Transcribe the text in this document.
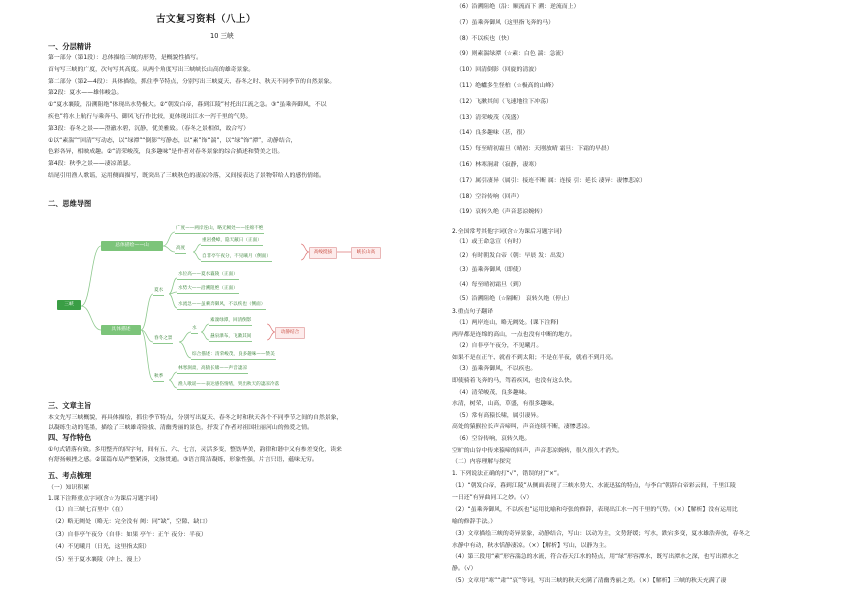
古文复习资料（八上）
10 三峡
一、分层精讲
第一部分（第1段）：总体描绘三峡的形势，是概貌性描写。
首句写三峡的广度，次句写其高度。从两个角度写出三峡峡长山高的雄奇景象。
第二部分（第2—4段）：具体描绘，抓住季节特点，分别写出三峡夏天、春冬之时、秋天不同季节的自然景象。
第2段：夏水——雄伟峻急。
①“夏水襄陵，沿溯阻绝”体现出水势极大。②“朝发白帝，暮到江陵”衬托出江流之急。③“虽乘奔御风，不以
疾也”将水上航行与乘奔马、御风飞行作比较，更体现出江水一泻千里的气势。
第3段：春冬之景——澄澈水碧，沉静，优美雅致。（春冬之景相似，故合写）
①以“素湍”“回清”写动态，以“绿潭”“倒影”写静态，以“素”饰“湍”，以“绿”饰“潭”，动静结合，
色彩各异，相映成趣。②“清荣峻茂，良多趣味”是作者对春冬景象的综合描述和赞美之语。
第4段：秋季之景——凄凉萧瑟。
结尾引用渔人歌谣，运用侧面描写，既突出了三峡秋色的凄凉冷落，又间接表达了景物带给人的感伤情绪。
二、思维导图
三、文章主旨
本文先写三峡概貌，再具体描绘，抓住季节特点，分别写出夏天、春冬之时和秋天各个不同季节之间的自然景象，
以凝练生动的笔墨，描绘了三峡雄奇险拔、清幽秀丽的景色，抒发了作者对祖国壮丽河山的热爱之情。
四、写作特色
①句式错落有致。多用整齐的四字句，间有五、六、七言，灵活多变，整饬华美，韵律和谐中又有参差变化，读来
有舒扬顿挫之感。②谋篇布局严整紧凑，文脉贯通。③语言简洁凝练，形象性强，片言只语，蕴味无穷。
五、考点梳理
（一）知识积累
1.课下注释重点字词(含☆为课后习题字词)
（1）自三峡七百里中（在）
（2）略无阙处（略无：完全没有 阙：同“缺”，空隙、缺口）
（3）自非亭午夜分（自非：如果 亭午：正午 夜分：半夜）
（4）不见曦月（日光，这里指太阳）
（5）至于夏水襄陵（冲上、漫上）
三峡
总体描绘——山
广度——两岸连山，略无阙处——连绵不绝
高度
重岩叠嶂，隐天蔽日（正面）
自非亭午夜分，不见曦月（侧面）
高峻挺拔	峡长山高
具体描述
夏水
水位高——夏水襄陵（正面）
水势大——沿溯阻绝（正面）
水流急——虽乘奔御风，不以疾也（侧面）
春冬之景
水
素湍绿潭，回清倒影
悬泉瀑布，飞漱其间
动静结合
综合描述：清荣峻茂，良多趣味——赞美
秋季
林寒涧肃，高猿长啸——声音凄凉
渔人歌谣——表达感伤情绪，突出秋天的凄凉冷落
（6）沿溯阻绝（沿：顺流而下 溯：逆流而上）
（7）虽乘奔御风（这里指飞奔的马）
（8）不以疾也（快）
（9）则素湍绿潭（☆素：白色 湍：急流）
（10）回清倒影（回旋的清波）
（11）绝巘多生怪柏（☆极高的山峰）
（12）飞漱其间（飞速地往下冲荡）
（13）清荣峻茂（茂盛）
（14）良多趣味（甚，很）
（15）每至晴初霜旦（晴初：天刚放晴 霜旦：下霜的早晨）
（16）林寒涧肃（寂静，凄寒）
（17）属引凄异（属引：接连不断 属：连接 引：延长 凄异：凄惨悲凉）
（18）空谷传响（回声）
（19）哀转久绝（声音悲凉婉转）
2.全国常考其他字词(含☆为课后习题字词)
（1）或王命急宣（有时）
（2）有时朝发白帝（朝：早晨 发：出发）
（3）虽乘奔御风（即使）
（4）每至晴初霜旦（到）
（5）沿溯阻绝（☆隔断） 哀转久绝（停止）
3.重点句子翻译
（1）两岸连山，略无阙处。(课下注释)
两岸都是连绵的高山，一点也没有中断的地方。
（2）自非亭午夜分，不见曦月。
如果不是在正午、就看不到太阳；不是在半夜，就看不到月亮。
（3）虽乘奔御风，不以疾也。
即使骑着飞奔的马，驾着疾风，也没有这么快。
（4）清荣峻茂，良多趣味。
水清，树荣，山高，草盛，有很多趣味。
（5）常有高猿长啸，属引凄异。
高处的猿猴拉长声音啼叫，声音连续不断，凄惨悲凉。
（6）空谷传响，哀转久绝。
空旷的山谷中传来猿啼的回声，声音悲凉婉转，很久很久才消失。
（二）内容理解与探究
1. 下列说法正确的打“√”，错误的打“×”。
（1）“朝发白帝，暮到江陵”从侧面表现了三峡水势大、水流迅猛的特点，与李白“朝辞白帝彩云间，千里江陵
一日还”有异曲同工之妙。（√）
（2）“虽乘奔御风，不以疾也”运用比喻和夸张的修辞，表现出江水一泻千里的气势。（×）【解析】没有运用比
喻的修辞手法。）
（3）文章描绘三峡的奇异景象，动静结合，写山：以动为主，文势舒缓；写水，跌宕多变，夏水雄浩奔放，春冬之
水静中有动，秋水恬静凄凉。（×）【解析】写山，以静为主。
（4）第三段用“素”形容湍急的水流，符合春天江水的特点，用“绿”形容潭水，既写出潭水之深，也写出潭水之
静。（√）
（5）文章用“寒”“肃”“哀”等词，写出三峡的秋天充满了清幽秀丽之美。（×）【解析】三峡的秋天充满了凄
